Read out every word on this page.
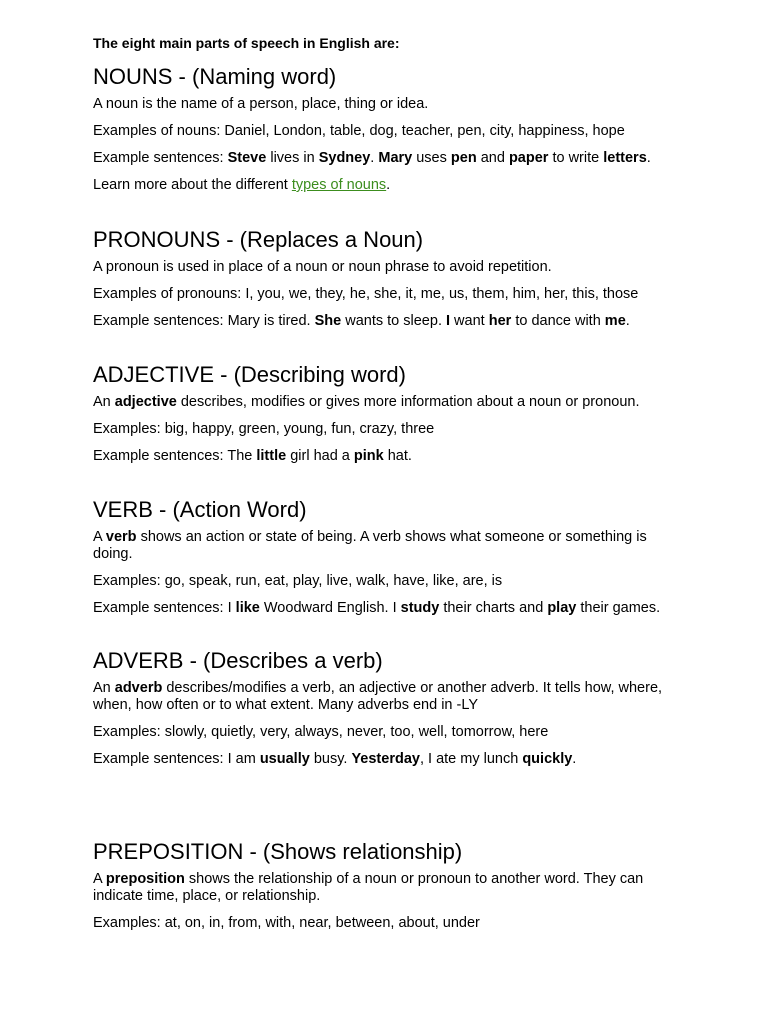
The eight main parts of speech in English are:

NOUNS - (Naming word)

A noun is the name of a person, place, thing or idea.

Examples of nouns: Daniel, London, table, dog, teacher, pen, city, happiness, hope

Example sentences: Steve lives in Sydney. Mary uses pen and paper to write letters.

Learn more about the different types of nouns.

PRONOUNS - (Replaces a Noun)

A pronoun is used in place of a noun or noun phrase to avoid repetition.

Examples of pronouns: I, you, we, they, he, she, it, me, us, them, him, her, this, those

Example sentences: Mary is tired. She wants to sleep. I want her to dance with me.

ADJECTIVE - (Describing word)

An adjective describes, modifies or gives more information about a noun or pronoun.

Examples: big, happy, green, young, fun, crazy, three

Example sentences: The little girl had a pink hat.

VERB - (Action Word)

A verb shows an action or state of being. A verb shows what someone or something is doing.

Examples: go, speak, run, eat, play, live, walk, have, like, are, is

Example sentences: I like Woodward English. I study their charts and play their games.

ADVERB - (Describes a verb)

An adverb describes/modifies a verb, an adjective or another adverb. It tells how, where, when, how often or to what extent. Many adverbs end in -LY

Examples: slowly, quietly, very, always, never, too, well, tomorrow, here

Example sentences: I am usually busy. Yesterday, I ate my lunch quickly.

PREPOSITION - (Shows relationship)

A preposition shows the relationship of a noun or pronoun to another word. They can indicate time, place, or relationship.

Examples: at, on, in, from, with, near, between, about, under
